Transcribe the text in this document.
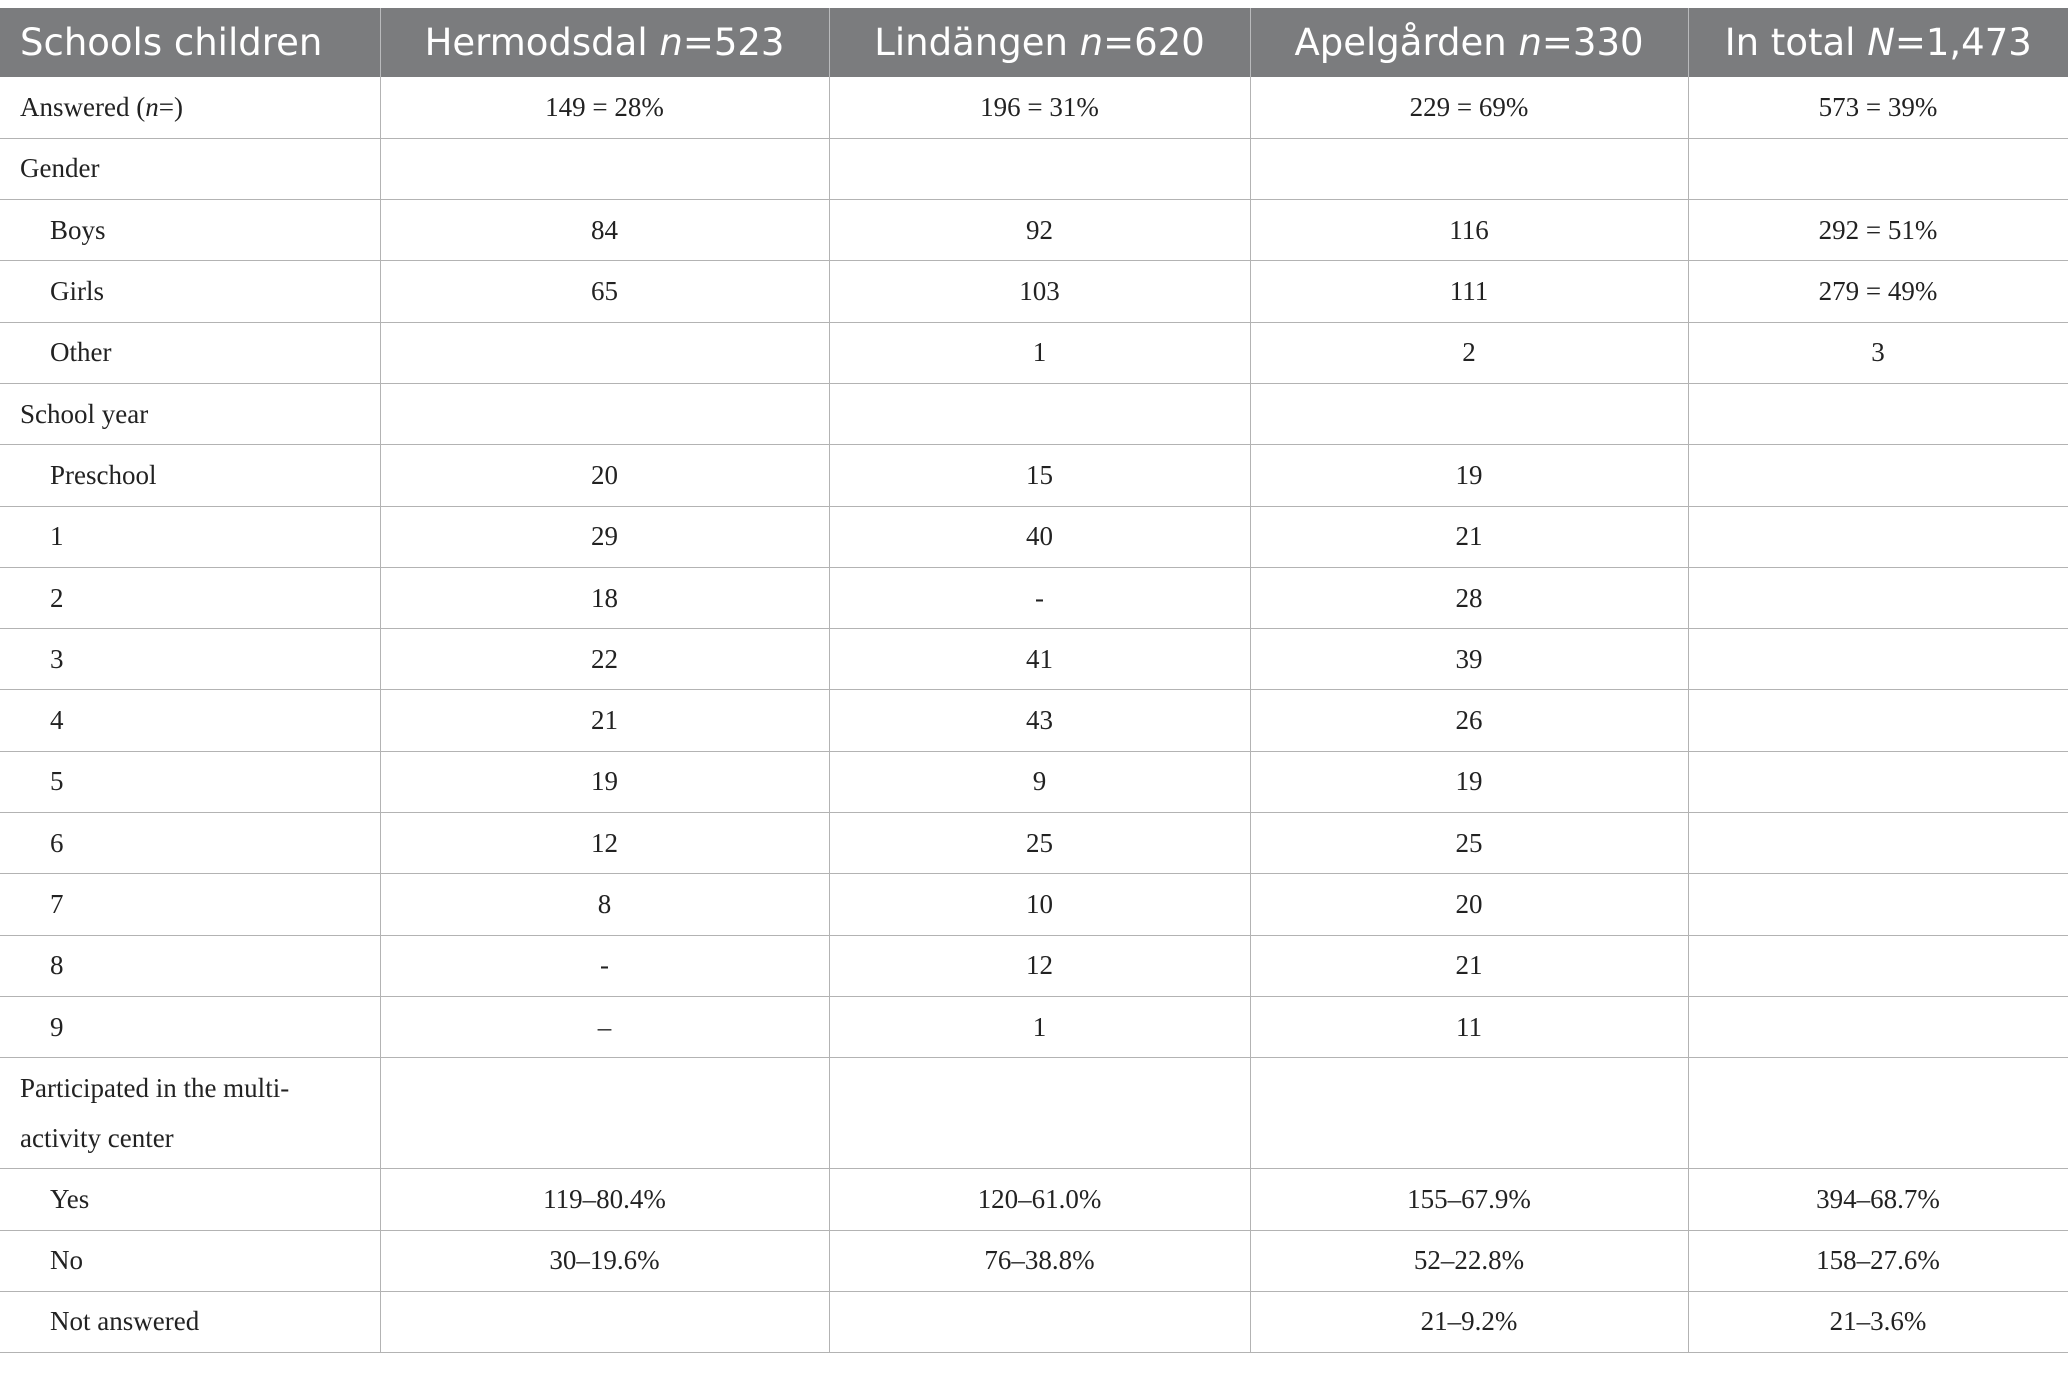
Schools children	Hermodsdal n=523	Lindängen n=620	Apelgården n=330	In total N=1,473
Answered (n=)	149 = 28%	196 = 31%	229 = 69%	573 = 39%
Gender				
Boys	84	92	116	292 = 51%
Girls	65	103	111	279 = 49%
Other		1	2	3
School year				
Preschool	20	15	19	
1	29	40	21	
2	18	-	28	
3	22	41	39	
4	21	43	26	
5	19	9	19	
6	12	25	25	
7	8	10	20	
8	-	12	21	
9	–	1	11	
Participated in the multi-activity center				
Yes	119–80.4%	120–61.0%	155–67.9%	394–68.7%
No	30–19.6%	76–38.8%	52–22.8%	158–27.6%
Not answered			21–9.2%	21–3.6%
